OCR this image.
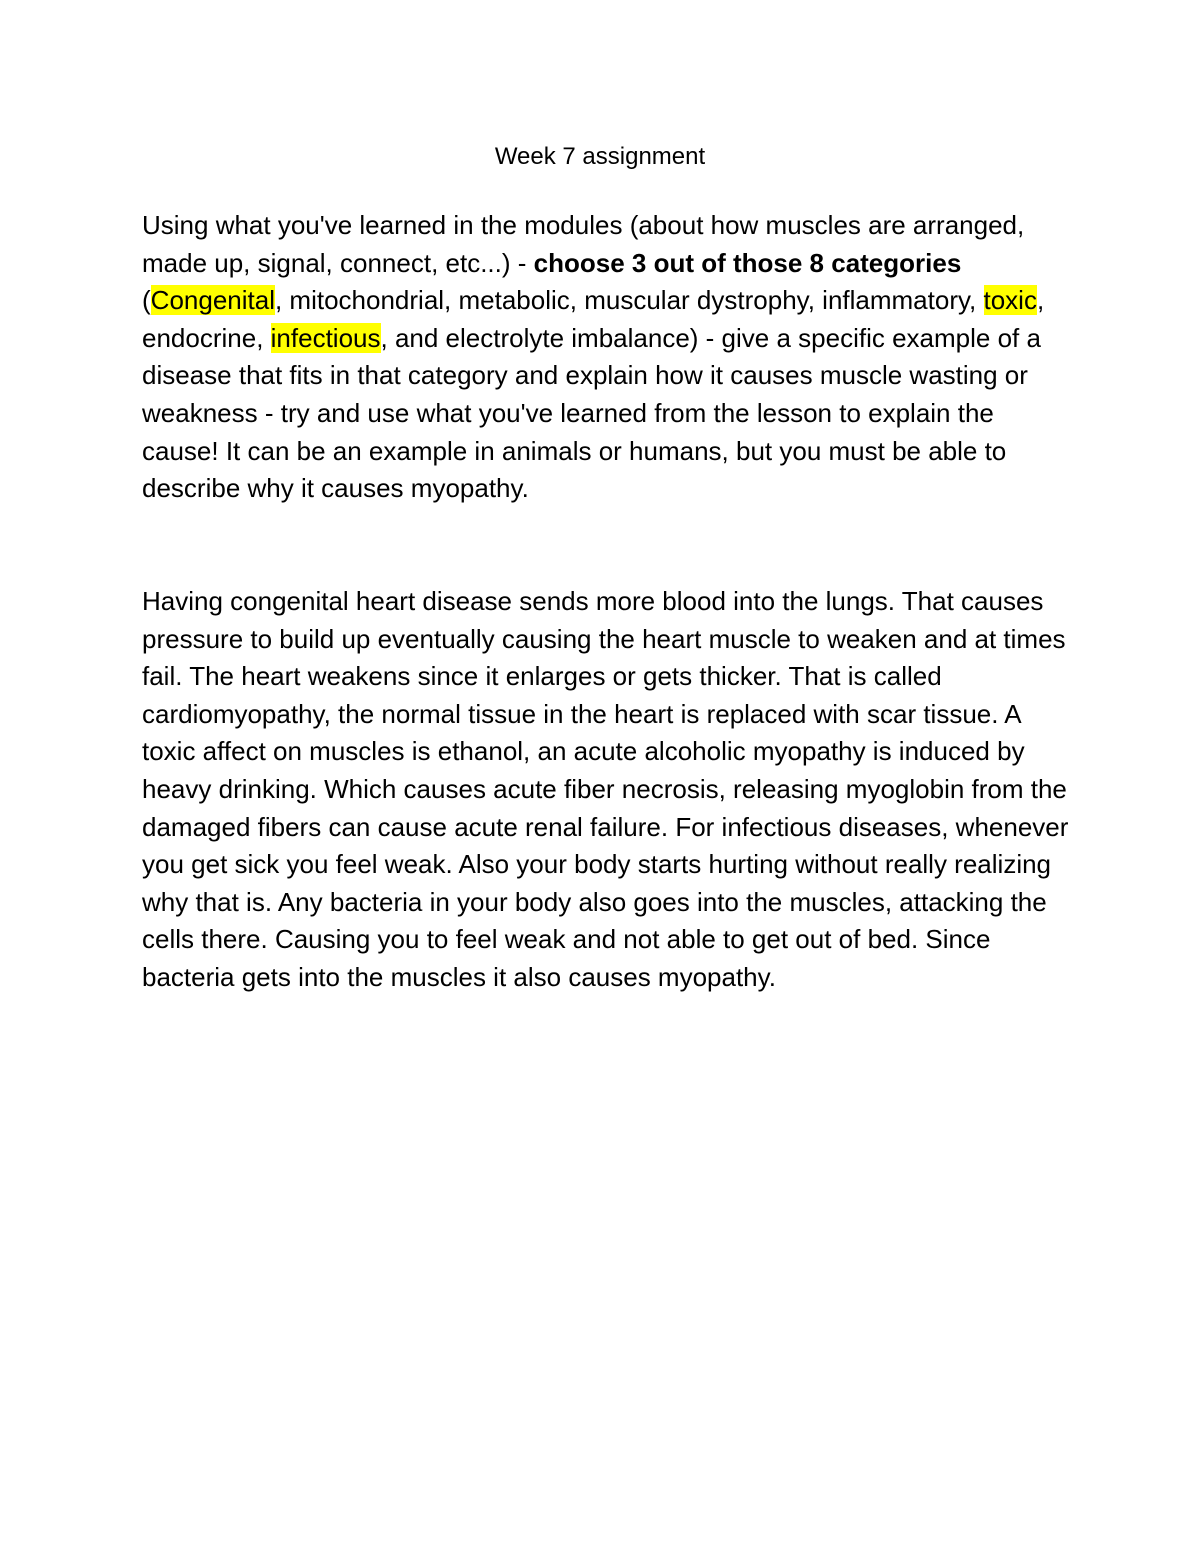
Week 7 assignment

Using what you've learned in the modules (about how muscles are arranged, made up, signal, connect, etc...) - choose 3 out of those 8 categories (Congenital, mitochondrial, metabolic, muscular dystrophy, inflammatory, toxic, endocrine, infectious, and electrolyte imbalance) - give a specific example of a disease that fits in that category and explain how it causes muscle wasting or weakness - try and use what you've learned from the lesson to explain the cause! It can be an example in animals or humans, but you must be able to describe why it causes myopathy.

Having congenital heart disease sends more blood into the lungs. That causes pressure to build up eventually causing the heart muscle to weaken and at times fail. The heart weakens since it enlarges or gets thicker. That is called cardiomyopathy, the normal tissue in the heart is replaced with scar tissue. A toxic affect on muscles is ethanol, an acute alcoholic myopathy is induced by heavy drinking. Which causes acute fiber necrosis, releasing myoglobin from the damaged fibers can cause acute renal failure. For infectious diseases, whenever you get sick you feel weak. Also your body starts hurting without really realizing why that is. Any bacteria in your body also goes into the muscles, attacking the cells there. Causing you to feel weak and not able to get out of bed. Since bacteria gets into the muscles it also causes myopathy.
